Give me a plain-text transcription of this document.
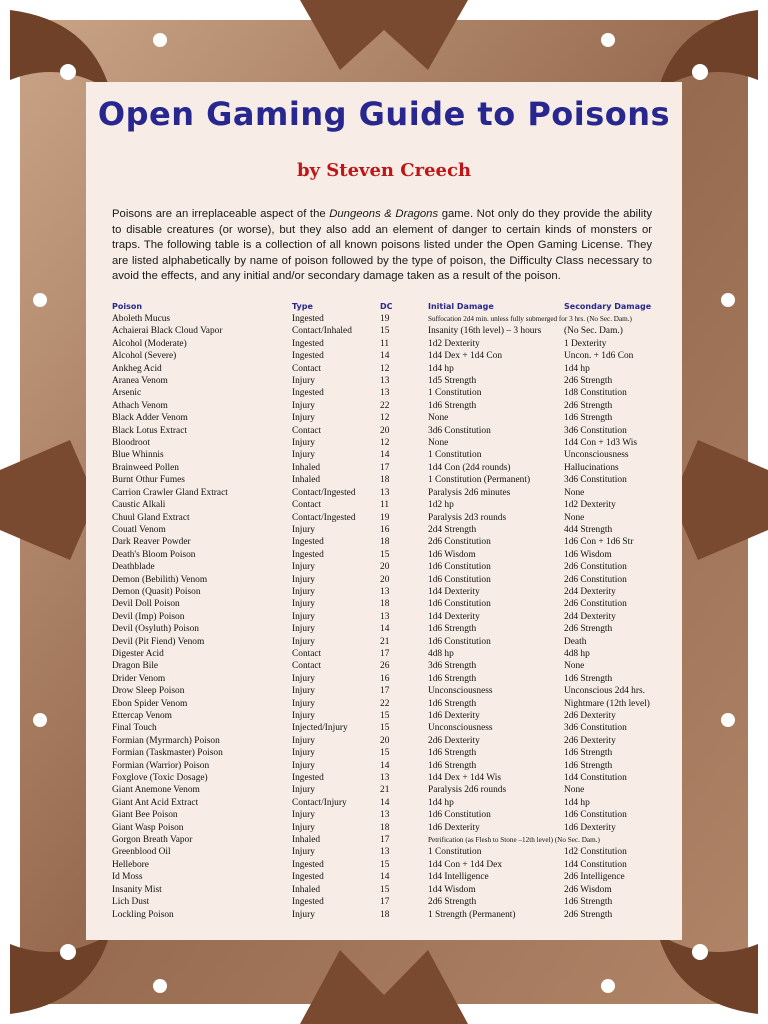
Open Gaming Guide to Poisons
by Steven Creech

Poisons are an irreplaceable aspect of the Dungeons & Dragons game. Not only do they provide the ability to disable creatures (or worse), but they also add an element of danger to certain kinds of monsters or traps. The following table is a collection of all known poisons listed under the Open Gaming License. They are listed alphabetically by name of poison followed by the type of poison, the Difficulty Class necessary to avoid the effects, and any initial and/or secondary damage taken as a result of the poison.

Poison	Type	DC	Initial Damage	Secondary Damage
Aboleth Mucus	Ingested	19	Suffocation 2d4 min. unless fully submerged for 3 hrs. (No Sec. Dam.)	
Achaierai Black Cloud Vapor	Contact/Inhaled	15	Insanity (16th level) – 3 hours	(No Sec. Dam.)
Alcohol (Moderate)	Ingested	11	1d2 Dexterity	1 Dexterity
Alcohol (Severe)	Ingested	14	1d4 Dex + 1d4 Con	Uncon. + 1d6 Con
Ankheg Acid	Contact	12	1d4 hp	1d4 hp
Aranea Venom	Injury	13	1d5 Strength	2d6 Strength
Arsenic	Ingested	13	1 Constitution	1d8 Constitution
Athach Venom	Injury	22	1d6 Strength	2d6 Strength
Black Adder Venom	Injury	12	None	1d6 Strength
Black Lotus Extract	Contact	20	3d6 Constitution	3d6 Constitution
Bloodroot	Injury	12	None	1d4 Con + 1d3 Wis
Blue Whinnis	Injury	14	1 Constitution	Unconsciousness
Brainweed Pollen	Inhaled	17	1d4 Con (2d4 rounds)	Hallucinations
Burnt Othur Fumes	Inhaled	18	1 Constitution (Permanent)	3d6 Constitution
Carrion Crawler Gland Extract	Contact/Ingested	13	Paralysis 2d6 minutes	None
Caustic Alkali	Contact	11	1d2 hp	1d2 Dexterity
Chuul Gland Extract	Contact/Ingested	19	Paralysis 2d3 rounds	None
Couatl Venom	Injury	16	2d4 Strength	4d4 Strength
Dark Reaver Powder	Ingested	18	2d6 Constitution	1d6 Con + 1d6 Str
Death's Bloom Poison	Ingested	15	1d6 Wisdom	1d6 Wisdom
Deathblade	Injury	20	1d6 Constitution	2d6 Constitution
Demon (Bebilith) Venom	Injury	20	1d6 Constitution	2d6 Constitution
Demon (Quasit) Poison	Injury	13	1d4 Dexterity	2d4 Dexterity
Devil Doll Poison	Injury	18	1d6 Constitution	2d6 Constitution
Devil (Imp) Poison	Injury	13	1d4 Dexterity	2d4 Dexterity
Devil (Osyluth) Poison	Injury	14	1d6 Strength	2d6 Strength
Devil (Pit Fiend) Venom	Injury	21	1d6 Constitution	Death
Digester Acid	Contact	17	4d8 hp	4d8 hp
Dragon Bile	Contact	26	3d6 Strength	None
Drider Venom	Injury	16	1d6 Strength	1d6 Strength
Drow Sleep Poison	Injury	17	Unconsciousness	Unconscious 2d4 hrs.
Ebon Spider Venom	Injury	22	1d6 Strength	Nightmare (12th level)
Ettercap Venom	Injury	15	1d6 Dexterity	2d6 Dexterity
Final Touch	Injected/Injury	15	Unconsciousness	3d6 Constitution
Formian (Myrmarch) Poison	Injury	20	2d6 Dexterity	2d6 Dexterity
Formian (Taskmaster) Poison	Injury	15	1d6 Strength	1d6 Strength
Formian (Warrior) Poison	Injury	14	1d6 Strength	1d6 Strength
Foxglove (Toxic Dosage)	Ingested	13	1d4 Dex + 1d4 Wis	1d4 Constitution
Giant Anemone Venom	Injury	21	Paralysis 2d6 rounds	None
Giant Ant Acid Extract	Contact/Injury	14	1d4 hp	1d4 hp
Giant Bee Poison	Injury	13	1d6 Constitution	1d6 Constitution
Giant Wasp Poison	Injury	18	1d6 Dexterity	1d6 Dexterity
Gorgon Breath Vapor	Inhaled	17	Petrification (as Flesh to Stone –12th level) (No Sec. Dam.)	
Greenblood Oil	Injury	13	1 Constitution	1d2 Constitution
Hellebore	Ingested	15	1d4 Con + 1d4 Dex	1d4 Constitution
Id Moss	Ingested	14	1d4 Intelligence	2d6 Intelligence
Insanity Mist	Inhaled	15	1d4 Wisdom	2d6 Wisdom
Lich Dust	Ingested	17	2d6 Strength	1d6 Strength
Lockling Poison	Injury	18	1 Strength (Permanent)	2d6 Strength
